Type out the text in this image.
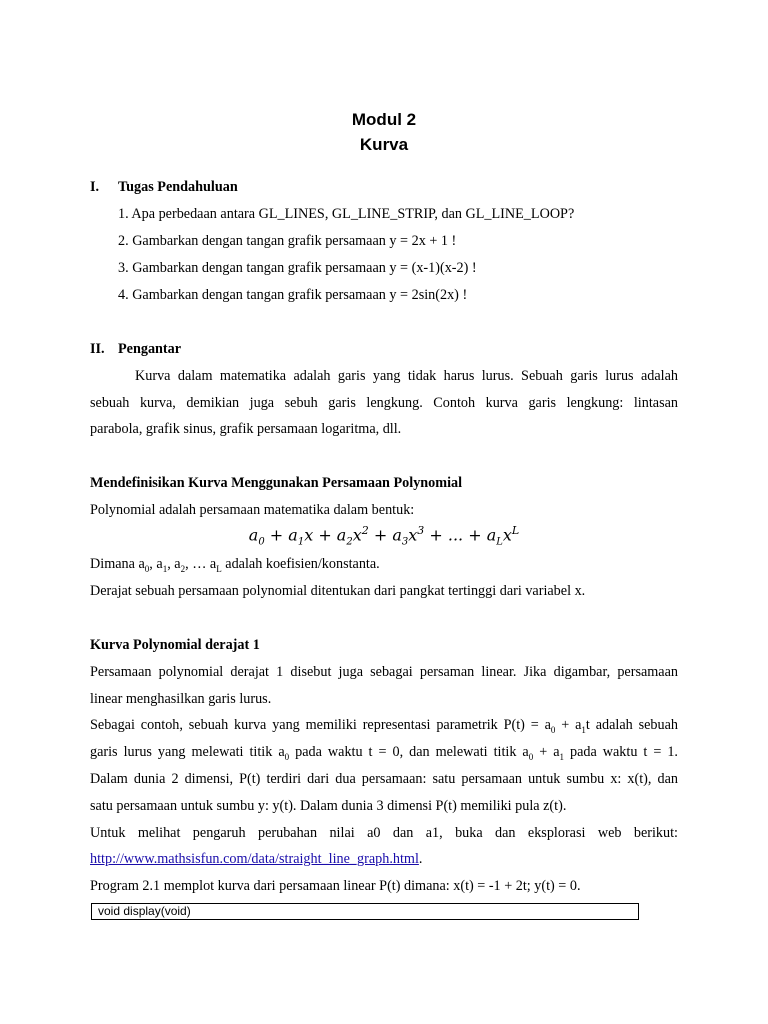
Modul 2
Kurva
I. Tugas Pendahuluan
1. Apa perbedaan antara GL_LINES, GL_LINE_STRIP, dan GL_LINE_LOOP?
2. Gambarkan dengan tangan grafik persamaan y = 2x + 1 !
3. Gambarkan dengan tangan grafik persamaan y = (x-1)(x-2) !
4. Gambarkan dengan tangan grafik persamaan y = 2sin(2x) !
II. Pengantar
Kurva dalam matematika adalah garis yang tidak harus lurus. Sebuah garis lurus adalah
sebuah kurva, demikian juga sebuh garis lengkung. Contoh kurva garis lengkung: lintasan
parabola, grafik sinus, grafik persamaan logaritma, dll.
Mendefinisikan Kurva Menggunakan Persamaan Polynomial
Polynomial adalah persamaan matematika dalam bentuk:
$a_0 + a_1x + a_2x^2 + a_3x^3$ + ... + $a_Lx^L$
Dimana $a_0$, $a_1$, $a_2$, … $a_L$ adalah koefisien/konstanta.
Derajat sebuah persamaan polynomial ditentukan dari pangkat tertinggi dari variabel x.
Kurva Polynomial derajat 1
Persamaan polynomial derajat 1 disebut juga sebagai persaman linear. Jika digambar, persamaan
linear menghasilkan garis lurus.
Sebagai contoh, sebuah kurva yang memiliki representasi parametrik $P(t) = a_0 + a_1t$ adalah sebuah
garis lurus yang melewati titik $a_0$ pada waktu t = 0, dan melewati titik $a_0 + a_1$ pada waktu t = 1.
Dalam dunia 2 dimensi, P(t) terdiri dari dua persamaan: satu persamaan untuk sumbu x: x(t), dan
satu persamaan untuk sumbu y: y(t). Dalam dunia 3 dimensi P(t) memiliki pula z(t).
Untuk melihat pengaruh perubahan nilai a0 dan a1, buka dan eksplorasi web berikut:
http://www.mathsisfun.com/data/straight_line_graph.html.
Program 2.1 memplot kurva dari persamaan linear P(t) dimana: x(t) = -1 + 2t; y(t) = 0.
void display(void)
